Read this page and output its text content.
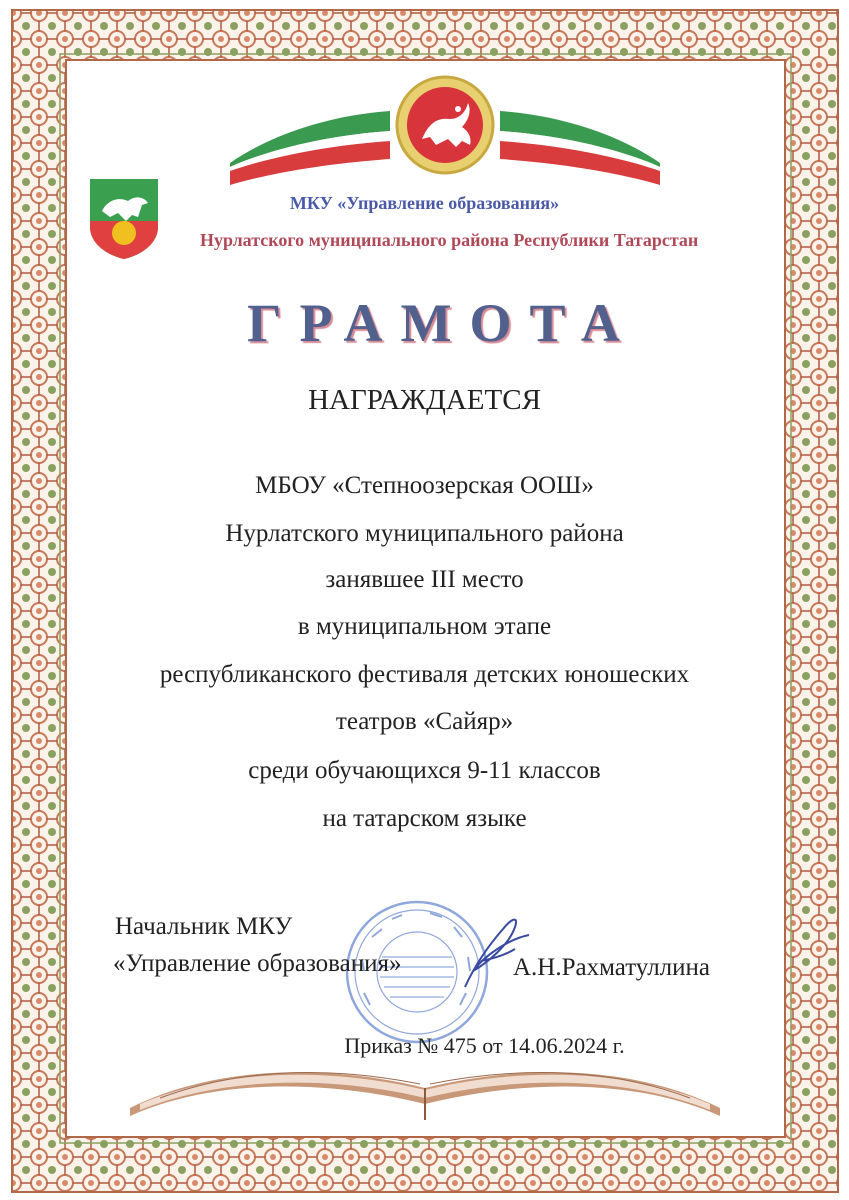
МКУ «Управление образования»
Нурлатского муниципального района Республики Татарстан
ГРАМОТА
НАГРАЖДАЕТСЯ
МБОУ «Степноозерская ООШ»
Нурлатского муниципального района
занявшее III место
в муниципальном этапе
республиканского фестиваля детских юношеских
театров «Сайяр»
среди обучающихся 9-11 классов
на татарском языке
Начальник МКУ
«Управление образования»	А.Н.Рахматуллина
Приказ № 475 от 14.06.2024 г.
